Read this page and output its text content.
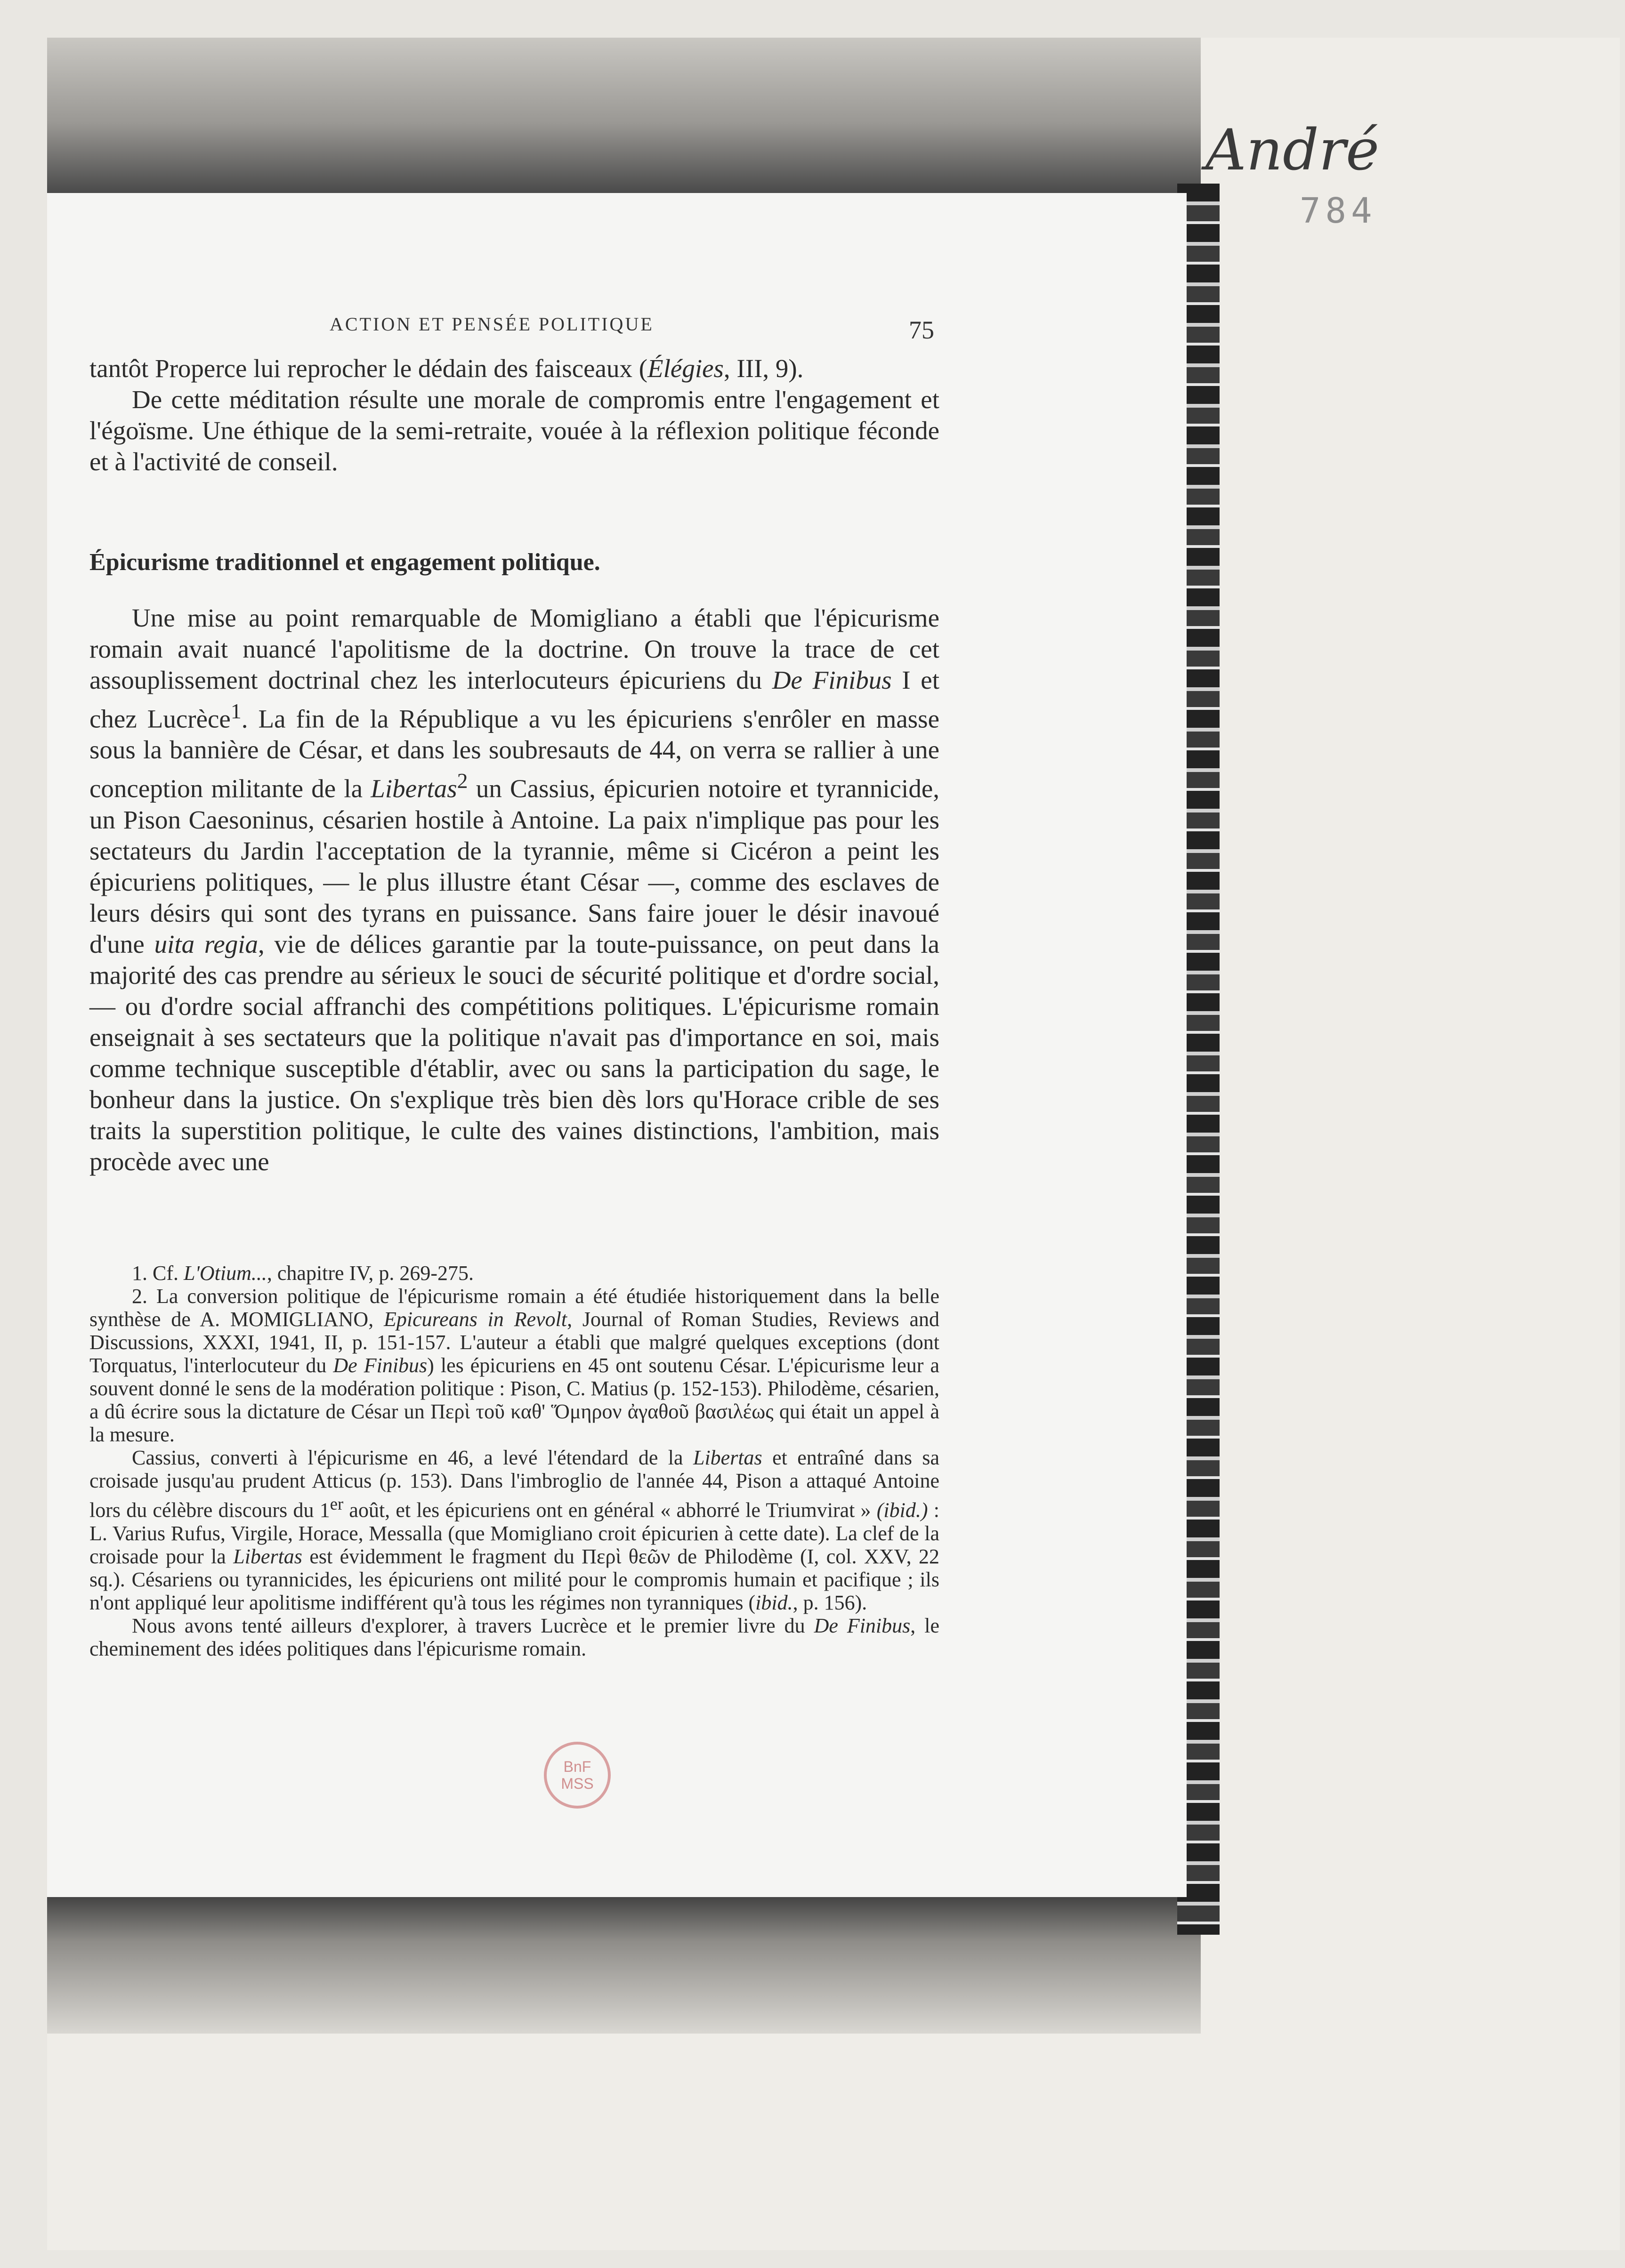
André
784
ACTION ET PENSÉE POLITIQUE	75

tantôt Properce lui reprocher le dédain des faisceaux (Élégies, III, 9).

De cette méditation résulte une morale de compromis entre l'engagement et l'égoïsme. Une éthique de la semi-retraite, vouée à la réflexion politique féconde et à l'activité de conseil.

Épicurisme traditionnel et engagement politique.

Une mise au point remarquable de Momigliano a établi que l'épicurisme romain avait nuancé l'apolitisme de la doctrine. On trouve la trace de cet assouplissement doctrinal chez les interlocuteurs épicuriens du De Finibus I et chez Lucrèce$^1$. La fin de la République a vu les épicuriens s'enrôler en masse sous la bannière de César, et dans les soubresauts de 44, on verra se rallier à une conception militante de la Libertas$^2$ un Cassius, épicurien notoire et tyrannicide, un Pison Caesoninus, césarien hostile à Antoine. La paix n'implique pas pour les sectateurs du Jardin l'acceptation de la tyrannie, même si Cicéron a peint les épicuriens politiques, — le plus illustre étant César —, comme des esclaves de leurs désirs qui sont des tyrans en puissance. Sans faire jouer le désir inavoué d'une uita regia, vie de délices garantie par la toute-puissance, on peut dans la majorité des cas prendre au sérieux le souci de sécurité politique et d'ordre social, — ou d'ordre social affranchi des compétitions politiques. L'épicurisme romain enseignait à ses sectateurs que la politique n'avait pas d'importance en soi, mais comme technique susceptible d'établir, avec ou sans la participation du sage, le bonheur dans la justice. On s'explique très bien dès lors qu'Horace crible de ses traits la superstition politique, le culte des vaines distinctions, l'ambition, mais procède avec une

1. Cf. L'Otium..., chapitre IV, p. 269-275.

2. La conversion politique de l'épicurisme romain a été étudiée historiquement dans la belle synthèse de A. MOMIGLIANO, Epicureans in Revolt, Journal of Roman Studies, Reviews and Discussions, XXXI, 1941, II, p. 151-157. L'auteur a établi que malgré quelques exceptions (dont Torquatus, l'interlocuteur du De Finibus) les épicuriens en 45 ont soutenu César. L'épicurisme leur a souvent donné le sens de la modération politique : Pison, C. Matius (p. 152-153). Philodème, césarien, a dû écrire sous la dictature de César un Περὶ τοῦ καθ' Ὅμηρον ἀγαθοῦ βασιλέως qui était un appel à la mesure.

Cassius, converti à l'épicurisme en 46, a levé l'étendard de la Libertas et entraîné dans sa croisade jusqu'au prudent Atticus (p. 153). Dans l'imbroglio de l'année 44, Pison a attaqué Antoine lors du célèbre discours du 1er août, et les épicuriens ont en général « abhorré le Triumvirat » (ibid.) : L. Varius Rufus, Virgile, Horace, Messalla (que Momigliano croit épicurien à cette date). La clef de la croisade pour la Libertas est évidemment le fragment du Περὶ θεῶν de Philodème (I, col. XXV, 22 sq.). Césariens ou tyrannicides, les épicuriens ont milité pour le compromis humain et pacifique ; ils n'ont appliqué leur apolitisme indifférent qu'à tous les régimes non tyranniques (ibid., p. 156).

Nous avons tenté ailleurs d'explorer, à travers Lucrèce et le premier livre du De Finibus, le cheminement des idées politiques dans l'épicurisme romain.

BnF
MSS
